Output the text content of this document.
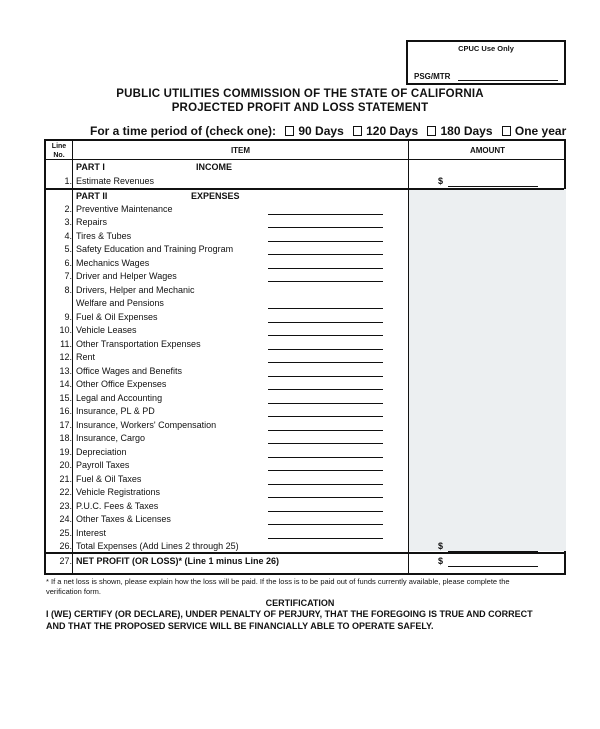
CPUC Use Only
PSG/MTR
PUBLIC UTILITIES COMMISSION OF THE STATE OF CALIFORNIA
PROJECTED PROFIT AND LOSS STATEMENT
For a time period of (check one): 90 Days 120 Days 180 Days One year
Line
No.
ITEM	AMOUNT
PART I	INCOME
PART II	EXPENSES
1. Estimate Revenues	$
2. Preventive Maintenance
3. Repairs
4. Tires & Tubes
5. Safety Education and Training Program
6. Mechanics Wages
7. Driver and Helper Wages
8. Drivers, Helper and Mechanic
Welfare and Pensions
9. Fuel & Oil Expenses
10. Vehicle Leases
11. Other Transportation Expenses
12. Rent
13. Office Wages and Benefits
14. Other Office Expenses
15. Legal and Accounting
16. Insurance, PL & PD
17. Insurance, Workers' Compensation
18. Insurance, Cargo
19. Depreciation
20. Payroll Taxes
21. Fuel & Oil Taxes
22. Vehicle Registrations
23. P.U.C. Fees & Taxes
24. Other Taxes & Licenses
25. Interest
26. Total Expenses (Add Lines 2 through 25)	$
27. NET PROFIT (OR LOSS)* (Line 1 minus Line 26)	$
* If a net loss is shown, please explain how the loss will be paid. If the loss is to be paid out of funds currently available, please complete the verification form.
CERTIFICATION
I (WE) CERTIFY (OR DECLARE), UNDER PENALTY OF PERJURY, THAT THE FOREGOING IS TRUE AND CORRECT
AND THAT THE PROPOSED SERVICE WILL BE FINANCIALLY ABLE TO OPERATE SAFELY.
